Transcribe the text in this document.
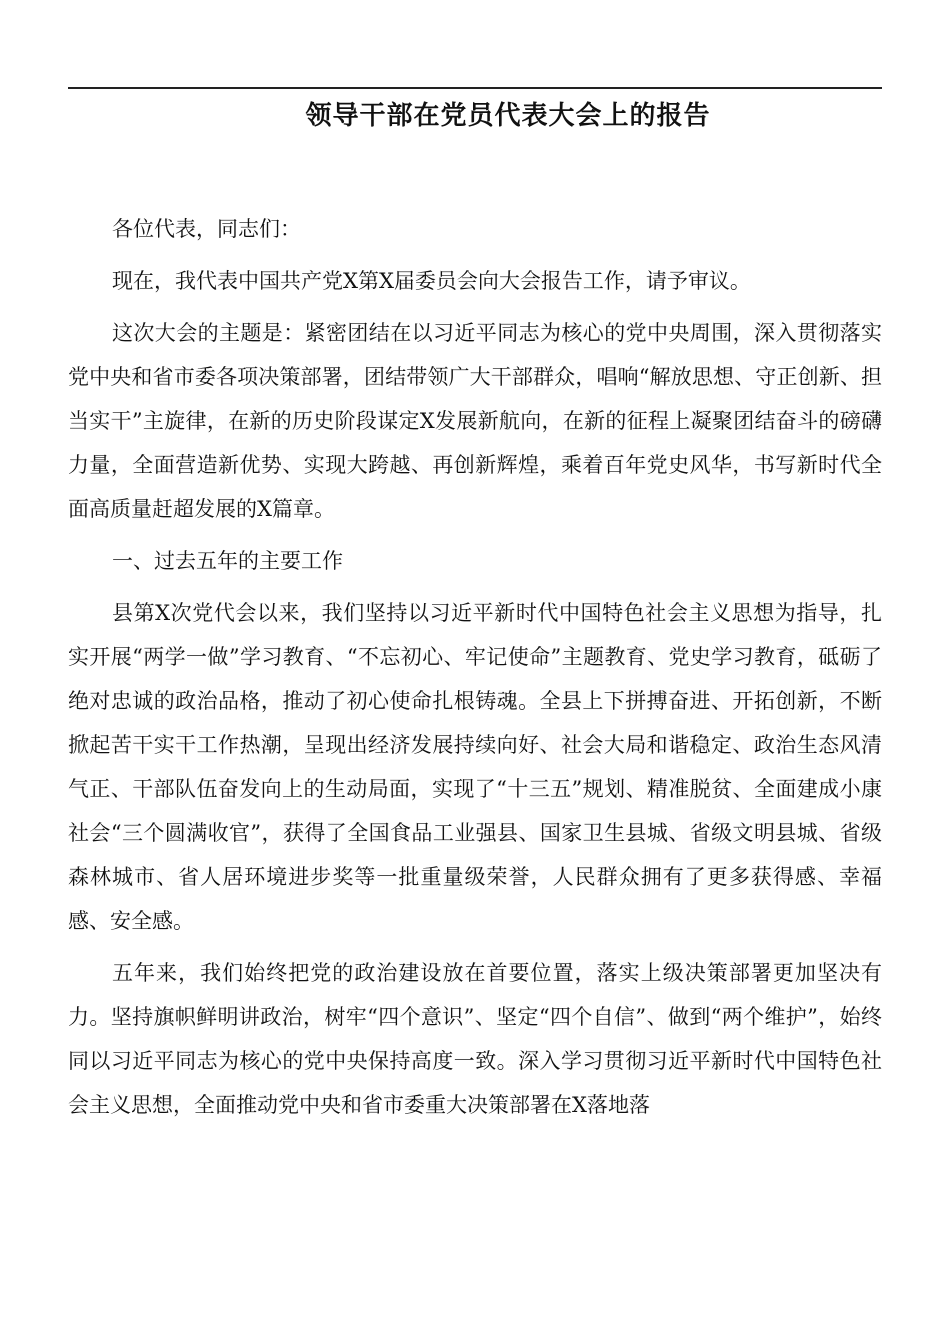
领导干部在党员代表大会上的报告

各位代表，同志们：

现在，我代表中国共产党X第X届委员会向大会报告工作，请予审议。

这次大会的主题是：紧密团结在以习近平同志为核心的党中央周围，深入贯彻落实党中央和省市委各项决策部署，团结带领广大干部群众，唱响“解放思想、守正创新、担当实干”主旋律，在新的历史阶段谋定X发展新航向，在新的征程上凝聚团结奋斗的磅礴力量，全面营造新优势、实现大跨越、再创新辉煌，乘着百年党史风华，书写新时代全面高质量赶超发展的X篇章。

一、过去五年的主要工作

县第X次党代会以来，我们坚持以习近平新时代中国特色社会主义思想为指导，扎实开展“两学一做”学习教育、“不忘初心、牢记使命”主题教育、党史学习教育，砥砺了绝对忠诚的政治品格，推动了初心使命扎根铸魂。全县上下拼搏奋进、开拓创新，不断掀起苦干实干工作热潮，呈现出经济发展持续向好、社会大局和谐稳定、政治生态风清气正、干部队伍奋发向上的生动局面，实现了“十三五”规划、精准脱贫、全面建成小康社会“三个圆满收官”，获得了全国食品工业强县、国家卫生县城、省级文明县城、省级森林城市、省人居环境进步奖等一批重量级荣誉，人民群众拥有了更多获得感、幸福感、安全感。

五年来，我们始终把党的政治建设放在首要位置，落实上级决策部署更加坚决有力。坚持旗帜鲜明讲政治，树牢“四个意识”、坚定“四个自信”、做到“两个维护”，始终同以习近平同志为核心的党中央保持高度一致。深入学习贯彻习近平新时代中国特色社会主义思想，全面推动党中央和省市委重大决策部署在X落地落
